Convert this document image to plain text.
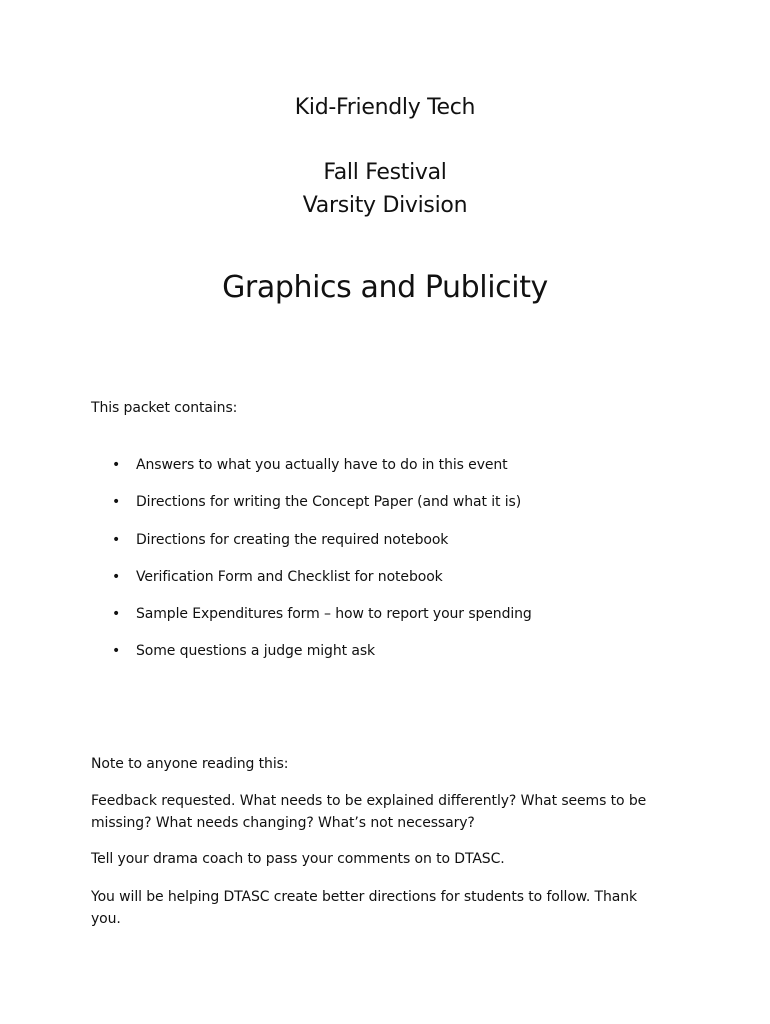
Kid-Friendly Tech
Fall Festival
Varsity Division
Graphics and Publicity
This packet contains:
• Answers to what you actually have to do in this event
• Directions for writing the Concept Paper (and what it is)
• Directions for creating the required notebook
• Verification Form and Checklist for notebook
• Sample Expenditures form – how to report your spending
• Some questions a judge might ask
Note to anyone reading this:
Feedback requested. What needs to be explained differently? What seems to be missing? What needs changing? What’s not necessary?
Tell your drama coach to pass your comments on to DTASC.
You will be helping DTASC create better directions for students to follow. Thank you.
